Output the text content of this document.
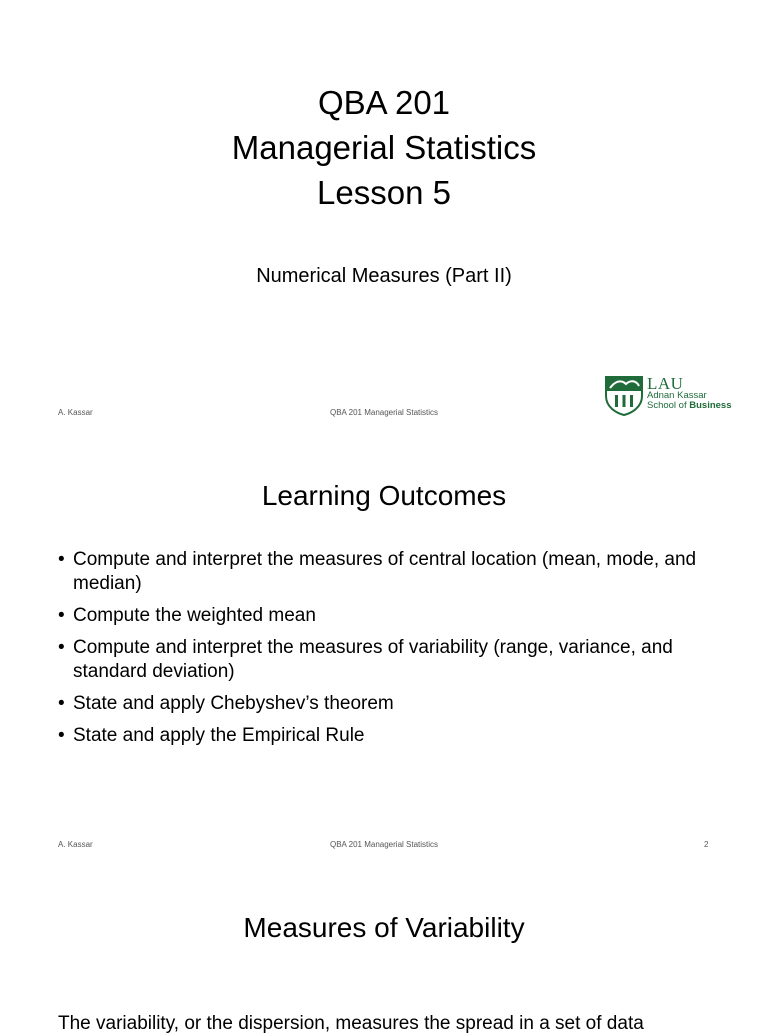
QBA 201
Managerial Statistics
Lesson 5
Numerical Measures (Part II)
LAU
Adnan Kassar
School of Business
A. Kassar	QBA 201 Managerial Statistics
Learning Outcomes
• Compute and interpret the measures of central location (mean, mode, and median)
• Compute the weighted mean
• Compute and interpret the measures of variability (range, variance, and standard deviation)
• State and apply Chebyshev’s theorem
• State and apply the Empirical Rule
A. Kassar	QBA 201 Managerial Statistics	2
Measures of Variability
The variability, or the dispersion, measures the spread in a set of data
